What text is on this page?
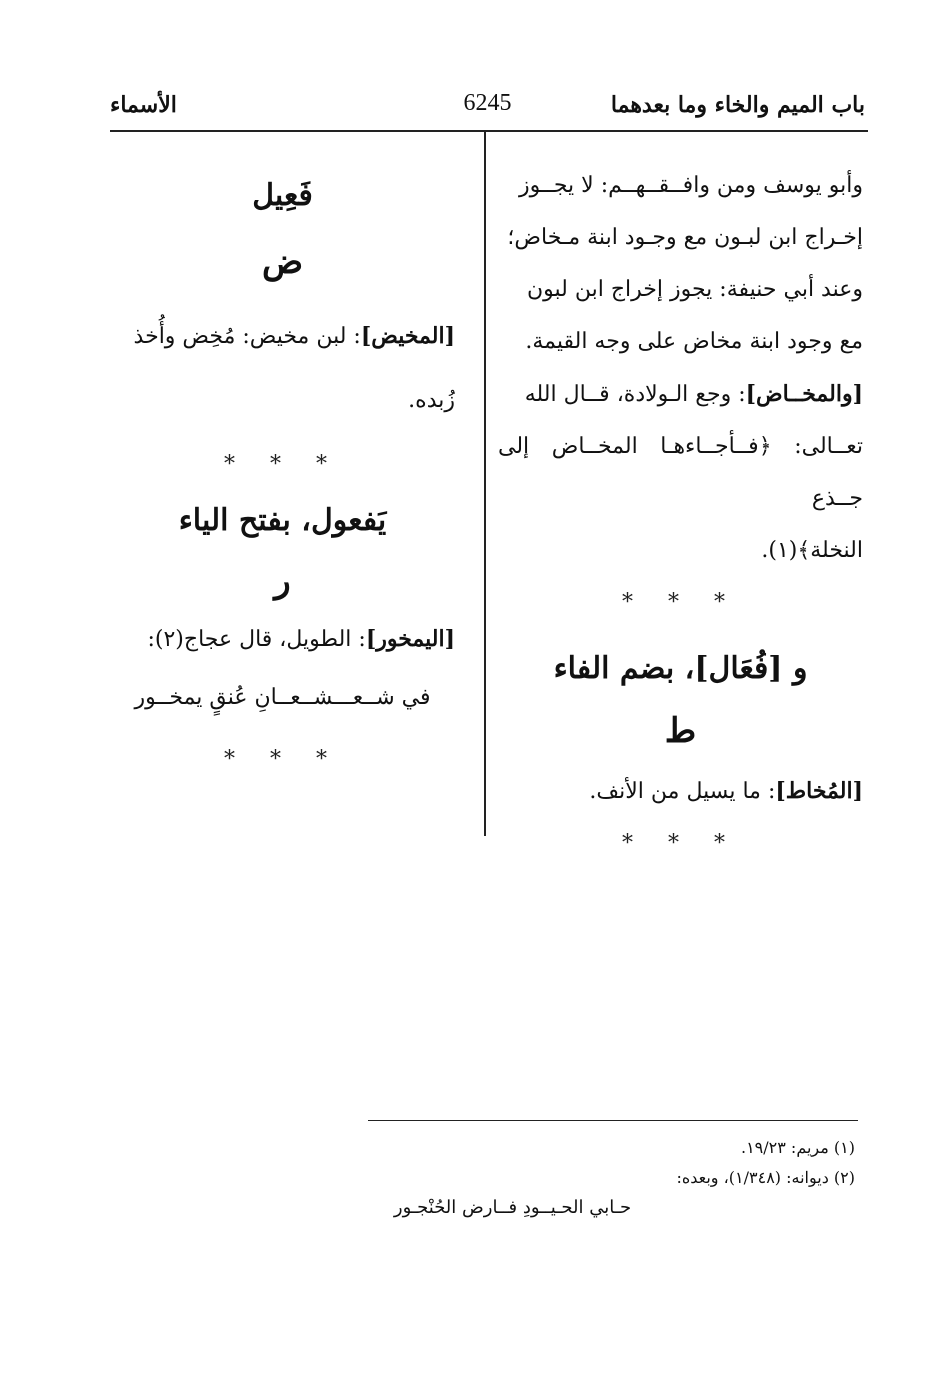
باب الميم والخاء وما بعدهما
6245
الأسماء
وأبو يوسف ومن وافــقــهــم: لا يجــوز
إخـراج ابن لبـون مع وجـود ابنة مـخاض؛
وعند أبي حنيفة: يجوز إخراج ابن لبون
مع وجود ابنة مخاض على وجه القيمة.
[والمخــاض]: وجع الـولادة، قــال الله
تعــالى: ﴿فــأجــاءهـا المخــاض إلى جــذع
النخلة﴾(١).
* * *
و [فُعَال]، بضم الفاء
ط
[المُخاط]: ما يسيل من الأنف.
* * *
فَعِيل
ض
[المخيض]: لبن مخيض: مُخِض وأُخذ
زُبده.
* * *
يَفعول، بفتح الياء
ر
[اليمخور]: الطويل، قال عجاج(٢):
في شــعـــشــعــانِ عُنقٍ يمخــور
* * *
(١) مريم: ١٩/٢٣.
(٢) ديوانه: (١/٣٤٨)، وبعده:
حـابي الحـيــودِ فــارض الحُنْجـور
